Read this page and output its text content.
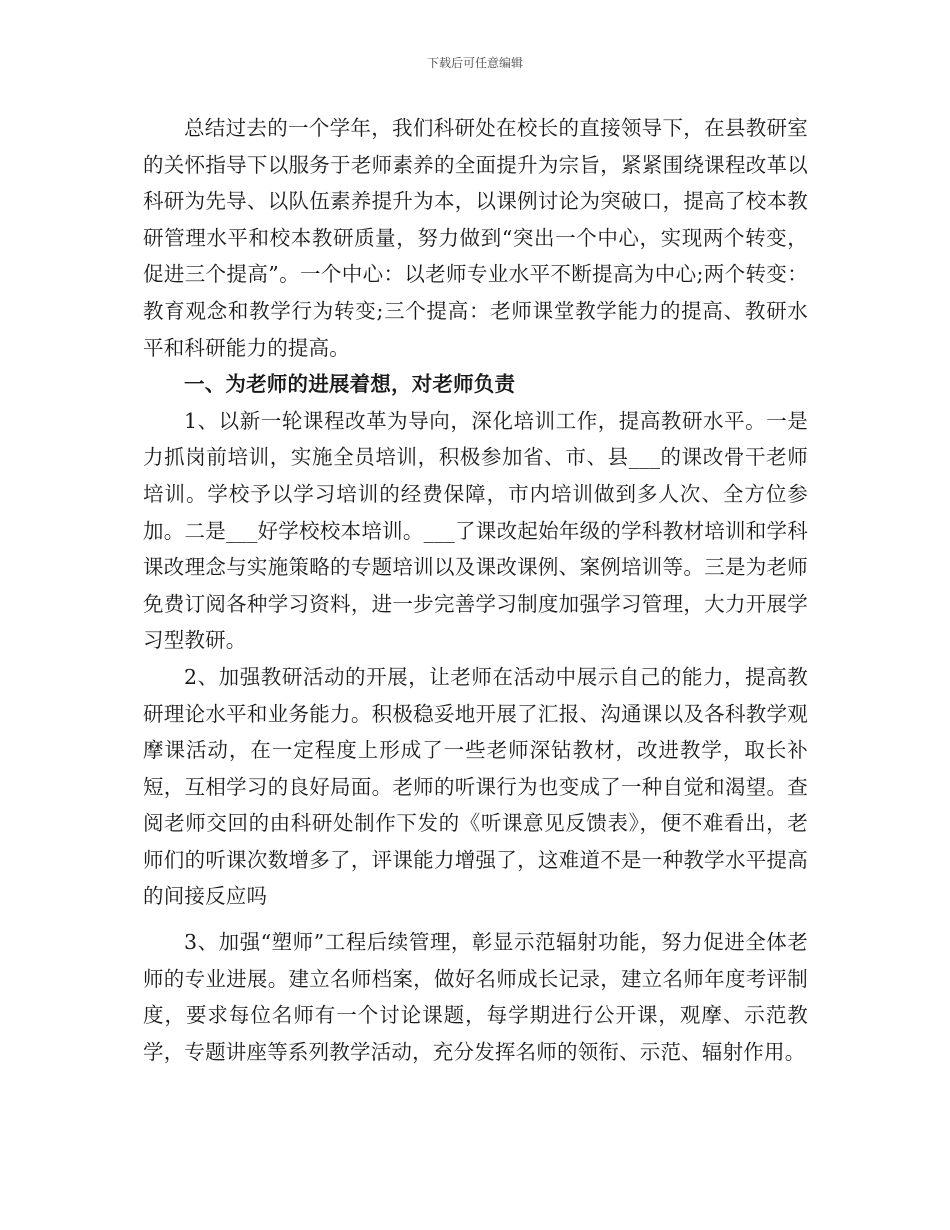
下载后可任意编辑

总结过去的一个学年，我们科研处在校长的直接领导下，在县教研室的关怀指导下以服务于老师素养的全面提升为宗旨，紧紧围绕课程改革以科研为先导、以队伍素养提升为本，以课例讨论为突破口，提高了校本教研管理水平和校本教研质量，努力做到“突出一个中心，实现两个转变，促进三个提高”。一个中心：以老师专业水平不断提高为中心;两个转变：教育观念和教学行为转变;三个提高：老师课堂教学能力的提高、教研水平和科研能力的提高。

一、为老师的进展着想，对老师负责

1、以新一轮课程改革为导向，深化培训工作，提高教研水平。一是力抓岗前培训，实施全员培训，积极参加省、市、县___的课改骨干老师培训。学校予以学习培训的经费保障，市内培训做到多人次、全方位参加。二是___好学校校本培训。___了课改起始年级的学科教材培训和学科课改理念与实施策略的专题培训以及课改课例、案例培训等。三是为老师免费订阅各种学习资料，进一步完善学习制度加强学习管理，大力开展学习型教研。

2、加强教研活动的开展，让老师在活动中展示自己的能力，提高教研理论水平和业务能力。积极稳妥地开展了汇报、沟通课以及各科教学观摩课活动，在一定程度上形成了一些老师深钻教材，改进教学，取长补短，互相学习的良好局面。老师的听课行为也变成了一种自觉和渴望。查阅老师交回的由科研处制作下发的《听课意见反馈表》，便不难看出，老师们的听课次数增多了，评课能力增强了，这难道不是一种教学水平提高的间接反应吗

3、加强“塑师”工程后续管理，彰显示范辐射功能，努力促进全体老师的专业进展。建立名师档案，做好名师成长记录，建立名师年度考评制度，要求每位名师有一个讨论课题，每学期进行公开课，观摩、示范教学，专题讲座等系列教学活动，充分发挥名师的领衔、示范、辐射作用。
